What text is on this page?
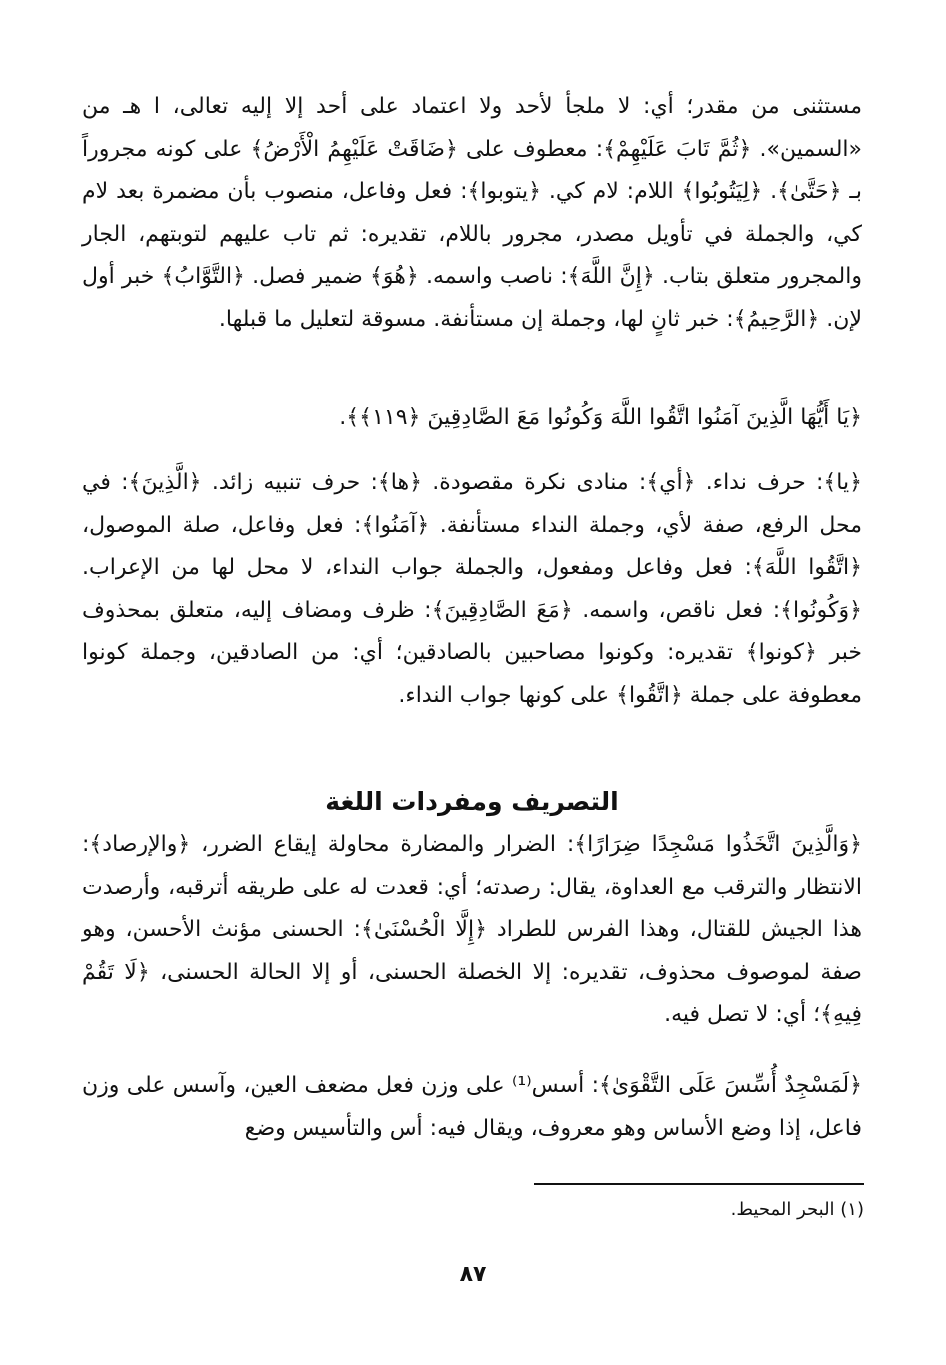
مستثنى من مقدر؛ أي: لا ملجأ لأحد ولا اعتماد على أحد إلا إليه تعالى، ا هـ من «السمين». ﴿ثُمَّ تَابَ عَلَيْهِمْ﴾: معطوف على ﴿ضَاقَتْ عَلَيْهِمُ الْأَرْضُ﴾ على كونه مجروراً بـ ﴿حَتَّىٰ﴾. ﴿لِيَتُوبُوا﴾ اللام: لام كي. ﴿يتوبوا﴾: فعل وفاعل، منصوب بأن مضمرة بعد لام كي، والجملة في تأويل مصدر، مجرور باللام، تقديره: ثم تاب عليهم لتوبتهم، الجار والمجرور متعلق بتاب. ﴿إِنَّ اللَّهَ﴾: ناصب واسمه. ﴿هُوَ﴾ ضمير فصل. ﴿التَّوَّابُ﴾ خبر أول لإن. ﴿الرَّحِيمُ﴾: خبر ثانٍ لها، وجملة إن مستأنفة. مسوقة لتعليل ما قبلها.

﴿يَا أَيُّهَا الَّذِينَ آمَنُوا اتَّقُوا اللَّهَ وَكُونُوا مَعَ الصَّادِقِينَ ﴿١١٩﴾﴾.

﴿يا﴾: حرف نداء. ﴿أي﴾: منادى نكرة مقصودة. ﴿ها﴾: حرف تنبيه زائد. ﴿الَّذِينَ﴾: في محل الرفع، صفة لأي، وجملة النداء مستأنفة. ﴿آمَنُوا﴾: فعل وفاعل، صلة الموصول، ﴿اتَّقُوا اللَّهَ﴾: فعل وفاعل ومفعول، والجملة جواب النداء، لا محل لها من الإعراب. ﴿وَكُونُوا﴾: فعل ناقص، واسمه. ﴿مَعَ الصَّادِقِينَ﴾: ظرف ومضاف إليه، متعلق بمحذوف خبر ﴿كونوا﴾ تقديره: وكونوا مصاحبين بالصادقين؛ أي: من الصادقين، وجملة كونوا معطوفة على جملة ﴿اتَّقُوا﴾ على كونها جواب النداء.

التصريف ومفردات اللغة

﴿وَالَّذِينَ اتَّخَذُوا مَسْجِدًا ضِرَارًا﴾: الضرار والمضارة محاولة إيقاع الضرر، ﴿والإرصاد﴾: الانتظار والترقب مع العداوة، يقال: رصدته؛ أي: قعدت له على طريقه أترقبه، وأرصدت هذا الجيش للقتال، وهذا الفرس للطراد ﴿إِلَّا الْحُسْنَىٰ﴾: الحسنى مؤنث الأحسن، وهو صفة لموصوف محذوف، تقديره: إلا الخصلة الحسنى، أو إلا الحالة الحسنى، ﴿لَا تَقُمْ فِيهِ﴾؛ أي: لا تصل فيه.

﴿لَمَسْجِدٌ أُسِّسَ عَلَى التَّقْوَىٰ﴾: أسس⁽¹⁾ على وزن فعل مضعف العين، وآسس على وزن فاعل، إذا وضع الأساس وهو معروف، ويقال فيه: أس والتأسيس وضع

(١) البحر المحيط.
٨٧
